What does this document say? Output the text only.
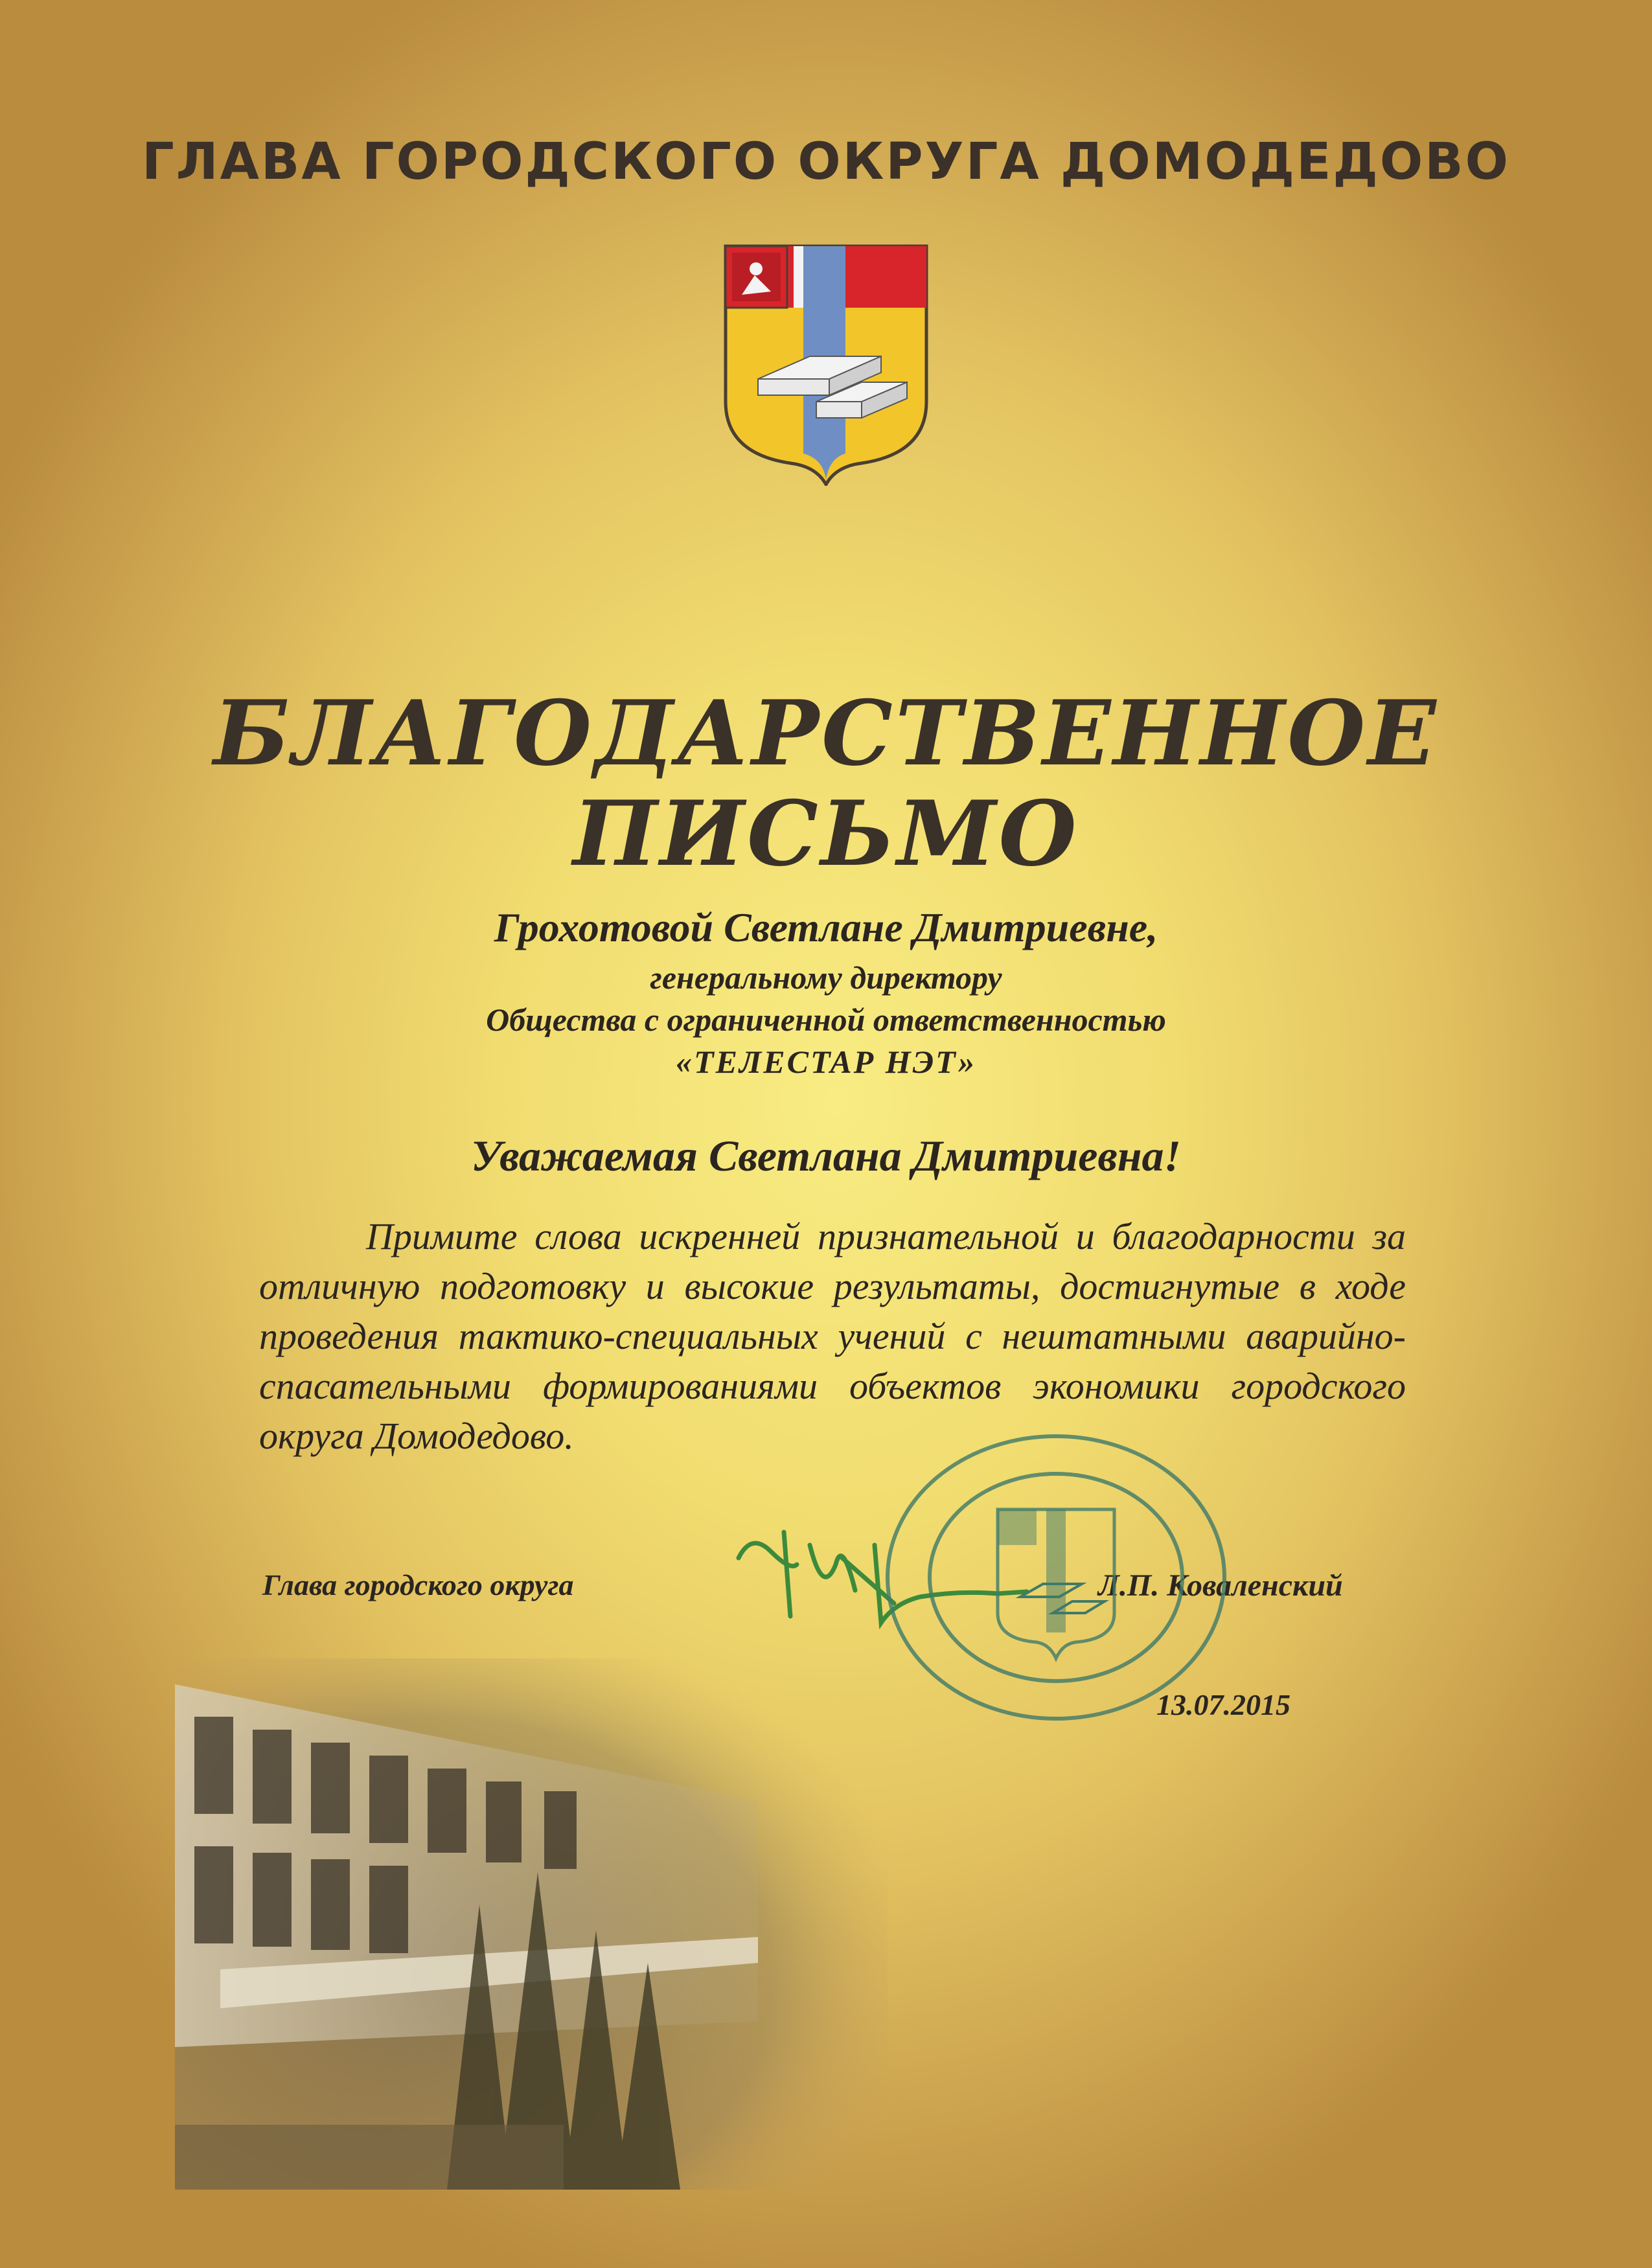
ГЛАВА ГОРОДСКОГО ОКРУГА ДОМОДЕДОВО
БЛАГОДАРСТВЕННОЕ
ПИСЬМО
Грохотовой Светлане Дмитриевне,
генеральному директору
Общества с ограниченной ответственностью
«ТЕЛЕСТАР НЭТ»
Уважаемая Светлана Дмитриевна!
Примите слова искренней признательной и благодарности за отличную подготовку и высокие результаты, достигнутые в ходе проведения тактико-специальных учений с нештатными аварийно-спасательными формированиями объектов экономики городского округа Домодедово.
Глава городского округа	Л.П. Коваленский
13.07.2015
